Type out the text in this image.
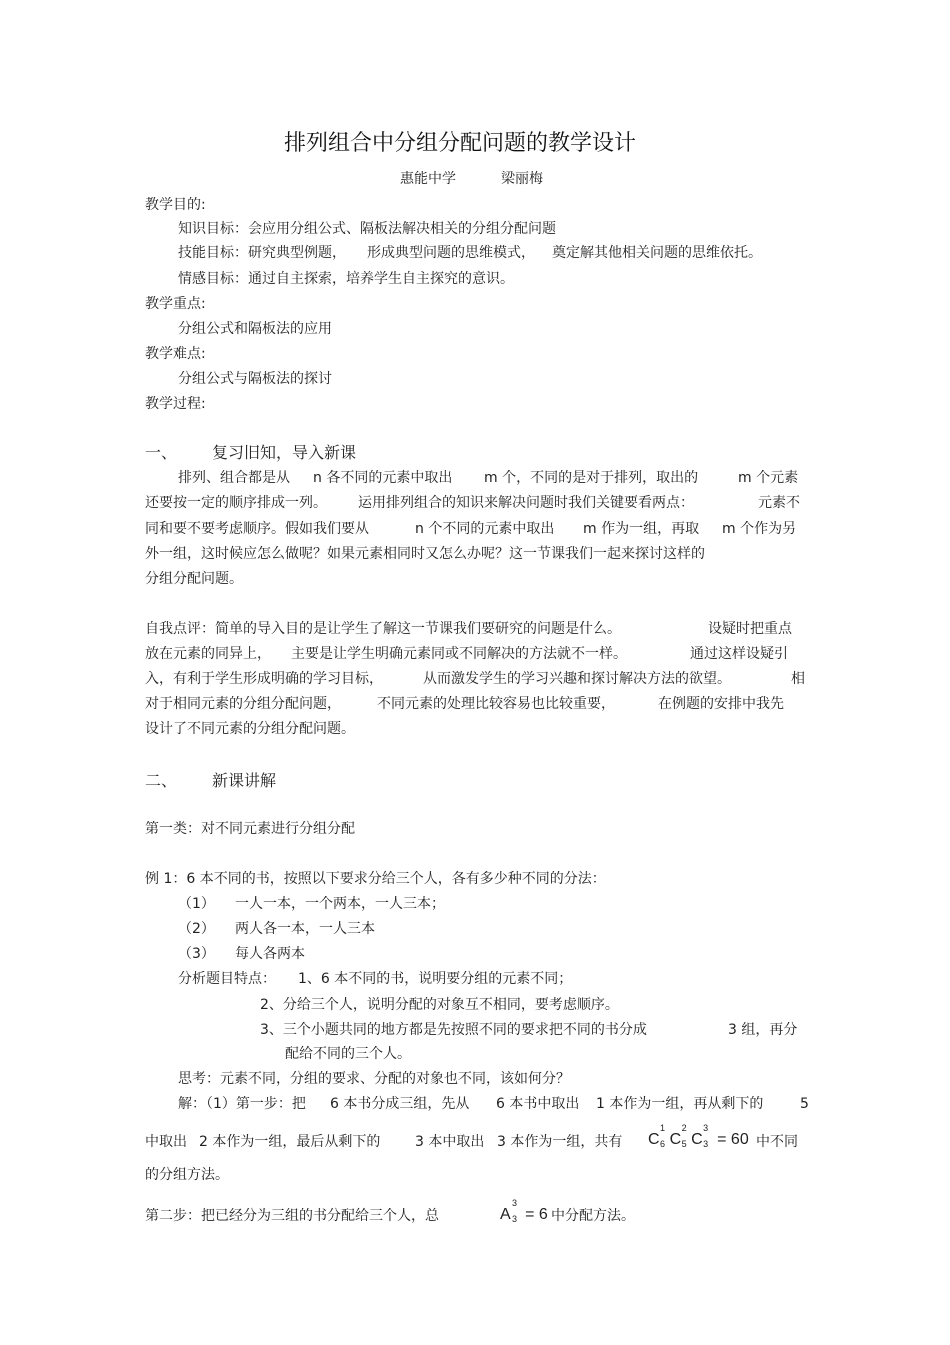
排列组合中分组分配问题的教学设计
惠能中学	梁丽梅
教学目的:
知识目标：会应用分组公式、隔板法解决相关的分组分配问题
技能目标：研究典型例题， 形成典型问题的思维模式， 奠定解其他相关问题的思维依托。
情感目标：通过自主探索，培养学生自主探究的意识。
教学重点:
分组公式和隔板法的应用
教学难点:
分组公式与隔板法的探讨
教学过程:
一、 复习旧知，导入新课
排列、组合都是从 n 各不同的元素中取出 m 个，不同的是对于排列，取出的	m 个元素
还要按一定的顺序排成一列。 运用排列组合的知识来解决问题时我们关键要看两点：	元素不
同和要不要考虑顺序。假如我们要从	n 个不同的元素中取出 m 作为一组，再取 m 个作为另
外一组，这时候应怎么做呢？如果元素相同时又怎么办呢？这一节课我们一起来探讨这样的
分组分配问题。
自我点评：简单的导入目的是让学生了解这一节课我们要研究的问题是什么。	设疑时把重点
放在元素的同异上， 主要是让学生明确元素同或不同解决的方法就不一样。	通过这样设疑引
入，有利于学生形成明确的学习目标，	从而激发学生的学习兴趣和探讨解决方法的欲望。	相
对于相同元素的分组分配问题，	不同元素的处理比较容易也比较重要，	在例题的安排中我先
设计了不同元素的分组分配问题。
二、 新课讲解
第一类：对不同元素进行分组分配
例 1：6 本不同的书，按照以下要求分给三个人，各有多少种不同的分法：
（1） 一人一本，一个两本，一人三本；
（2） 两人各一本，一人三本
（3） 每人各两本
分析题目特点： 1、6 本不同的书，说明要分组的元素不同；
2、分给三个人，说明分配的对象互不相同，要考虑顺序。
3、三个小题共同的地方都是先按照不同的要求把不同的书分成	3 组，再分
配给不同的三个人。
思考：元素不同，分组的要求、分配的对象也不同，该如何分？
解：（1）第一步：把 6 本书分成三组，先从 6 本书中取出 1 本作为一组，再从剩下的	5
中取出 2 本作为一组，最后从剩下的 3 本中取出 3 本作为一组，共有 C
1
6 C
2
5 C
3
3 = 60 中不同
的分组方法。
第二步：把已经分为三组的书分配给三个人，总	A
3
3 = 6 中分配方法。
